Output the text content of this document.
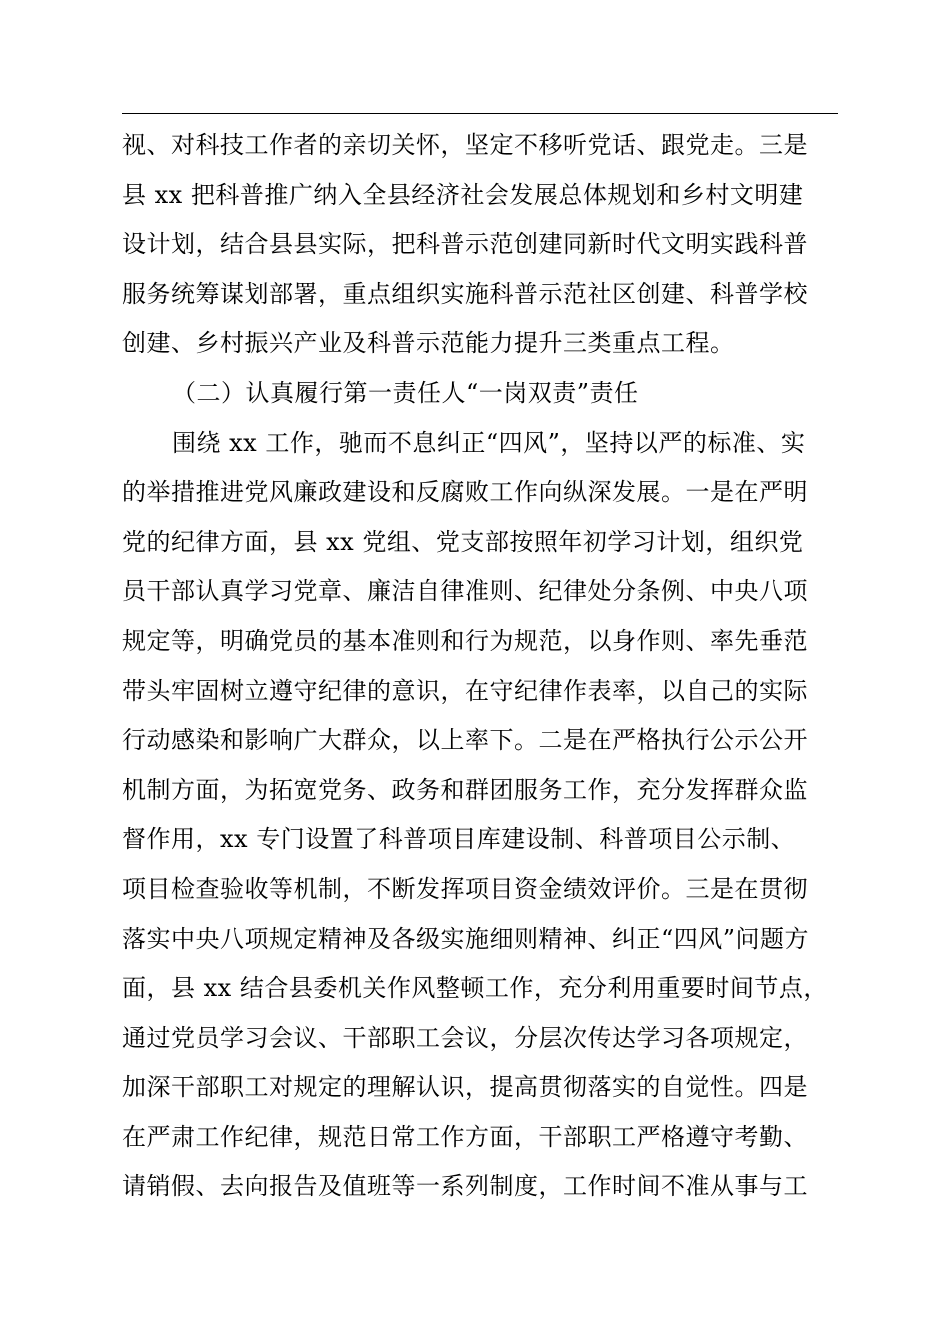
视、对科技工作者的亲切关怀，坚定不移听党话、跟党走。三是
县 xx 把科普推广纳入全县经济社会发展总体规划和乡村文明建
设计划，结合县县实际，把科普示范创建同新时代文明实践科普
服务统筹谋划部署，重点组织实施科普示范社区创建、科普学校
创建、乡村振兴产业及科普示范能力提升三类重点工程。
（二）认真履行第一责任人“一岗双责”责任
围绕 xx 工作，驰而不息纠正“四风”，坚持以严的标准、实
的举措推进党风廉政建设和反腐败工作向纵深发展。一是在严明
党的纪律方面，县 xx 党组、党支部按照年初学习计划，组织党
员干部认真学习党章、廉洁自律准则、纪律处分条例、中央八项
规定等，明确党员的基本准则和行为规范，以身作则、率先垂范
带头牢固树立遵守纪律的意识，在守纪律作表率，以自己的实际
行动感染和影响广大群众，以上率下。二是在严格执行公示公开
机制方面，为拓宽党务、政务和群团服务工作，充分发挥群众监
督作用，xx 专门设置了科普项目库建设制、科普项目公示制、
项目检查验收等机制，不断发挥项目资金绩效评价。三是在贯彻
落实中央八项规定精神及各级实施细则精神、纠正“四风”问题方
面，县 xx 结合县委机关作风整顿工作，充分利用重要时间节点，
通过党员学习会议、干部职工会议，分层次传达学习各项规定，
加深干部职工对规定的理解认识，提高贯彻落实的自觉性。四是
在严肃工作纪律，规范日常工作方面，干部职工严格遵守考勤、
请销假、去向报告及值班等一系列制度，工作时间不准从事与工
